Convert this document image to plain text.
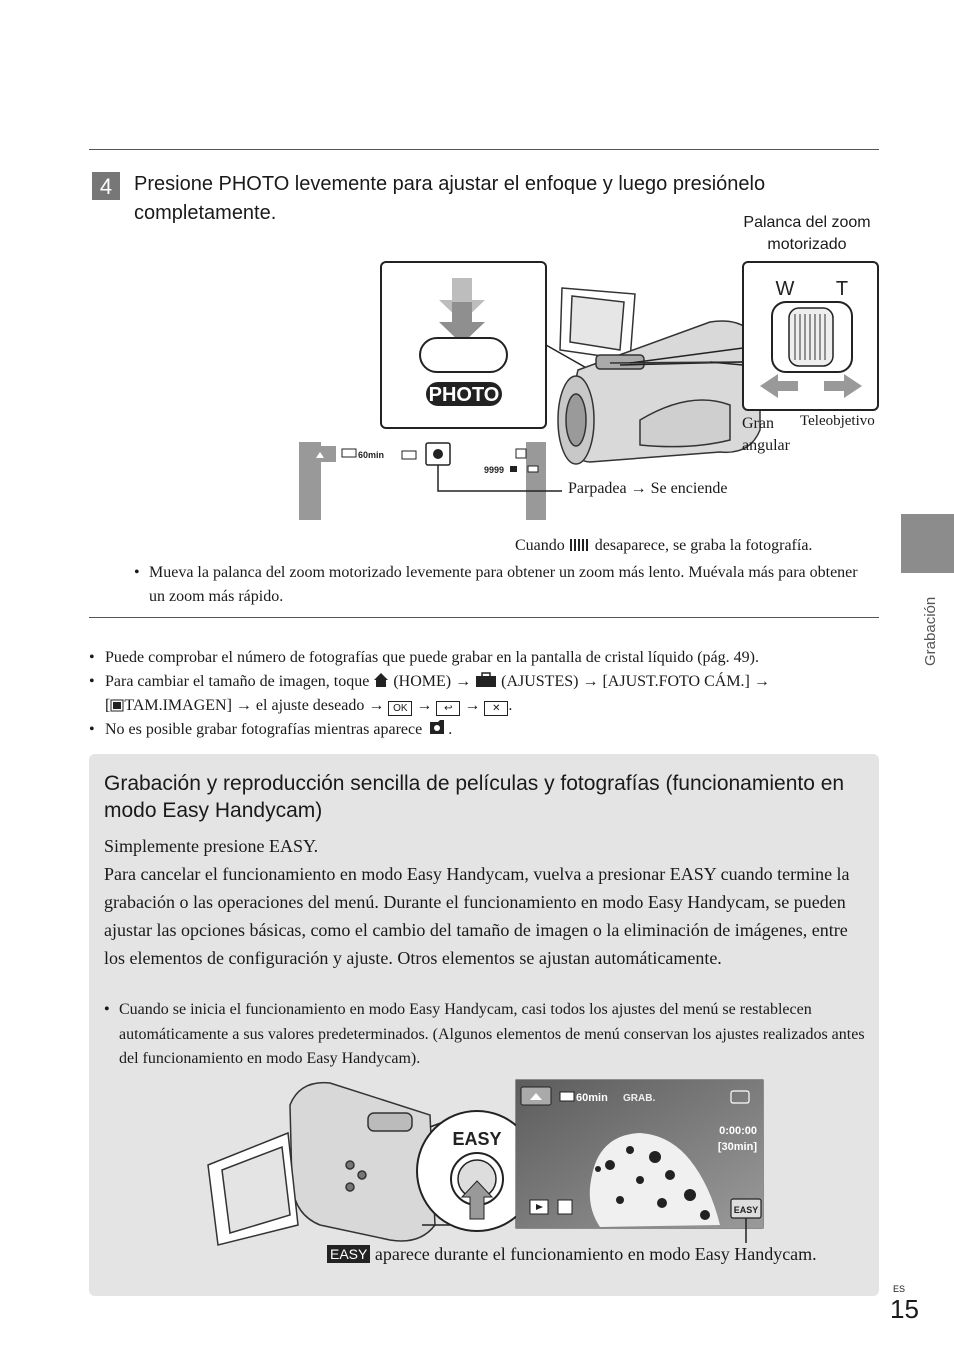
4	Presione PHOTO levemente para ajustar el enfoque y luego presiónelo completamente.
PHOTO
W T
60min
9999
Palanca del zoom motorizado
Gran angular
Teleobjetivo
Parpadea → Se enciende
Cuando desaparece, se graba la fotografía.
• Mueva la palanca del zoom motorizado levemente para obtener un zoom más lento. Muévala más para obtener un zoom más rápido.
• Puede comprobar el número de fotografías que puede grabar en la pantalla de cristal líquido (pág. 49).
• Para cambiar el tamaño de imagen, toque (HOME) →  (AJUSTES) → [AJUST.FOTO CÁM.] →
[ TAM.IMAGEN] → el ajuste deseado → OK → ↩ → ✕ .
• No es posible grabar fotografías mientras aparece .
Grabación y reproducción sencilla de películas y fotografías (funcionamiento en modo Easy Handycam)
Simplemente presione EASY.
Para cancelar el funcionamiento en modo Easy Handycam, vuelva a presionar EASY cuando termine la grabación o las operaciones del menú. Durante el funcionamiento en modo Easy Handycam, se pueden ajustar las opciones básicas, como el cambio del tamaño de imagen o la eliminación de imágenes, entre los elementos de configuración y ajuste. Otros elementos se ajustan automáticamente.
• • Cuando se inicia el funcionamiento en modo Easy Handycam, casi todos los ajustes del menú se restablecen automáticamente a sus valores predeterminados. (Algunos elementos de menú conservan los ajustes realizados antes del funcionamiento en modo Easy Handycam).
EASY
60min GRAB.
0:00:00
[30min]
EASY
EASY aparece durante el funcionamiento en modo Easy Handycam.
Grabación
ES
15
